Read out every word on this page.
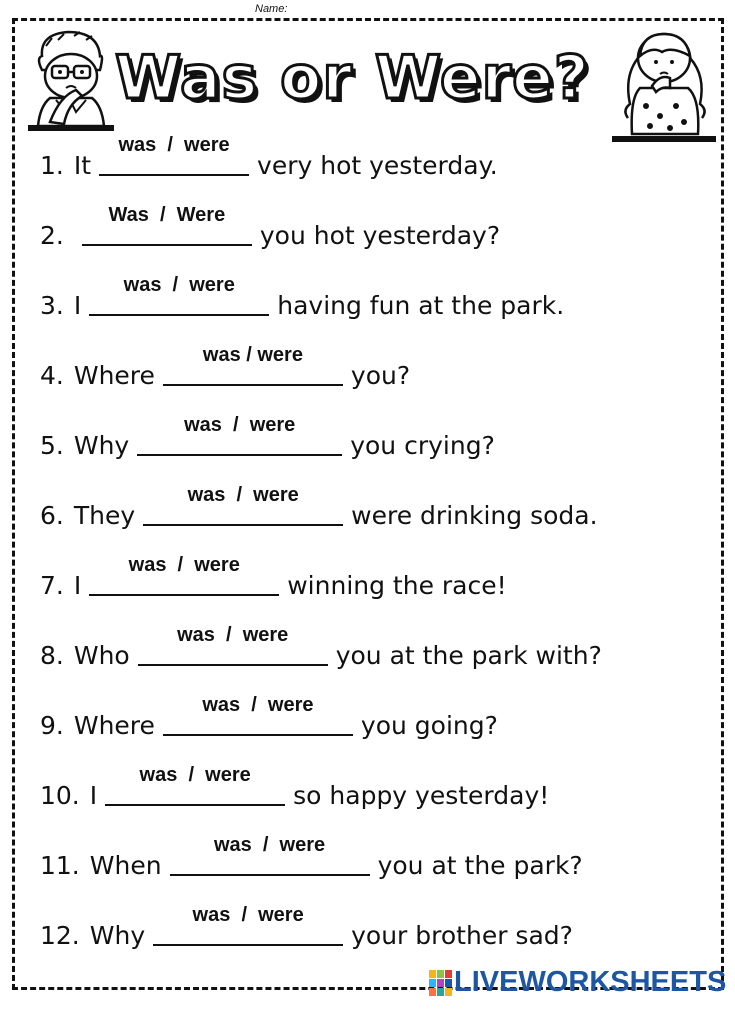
Name:
Was or Were?
1. It
was  /  were
very hot yesterday.
2.
Was  /  Were
you hot yesterday?
3. I
was  /  were
having fun at the park.
4. Where
was / were
you?
5. Why
was  /  were
you crying?
6. They
was  /  were
were drinking soda.
7. I
was  /  were
winning the race!
8. Who
was  /  were
you at the park with?
9. Where
was  /  were
you going?
10. I
was  /  were
so happy yesterday!
11. When
was  /  were
you at the park?
12. Why
was  /  were
your brother sad?
LIVEWORKSHEETS
